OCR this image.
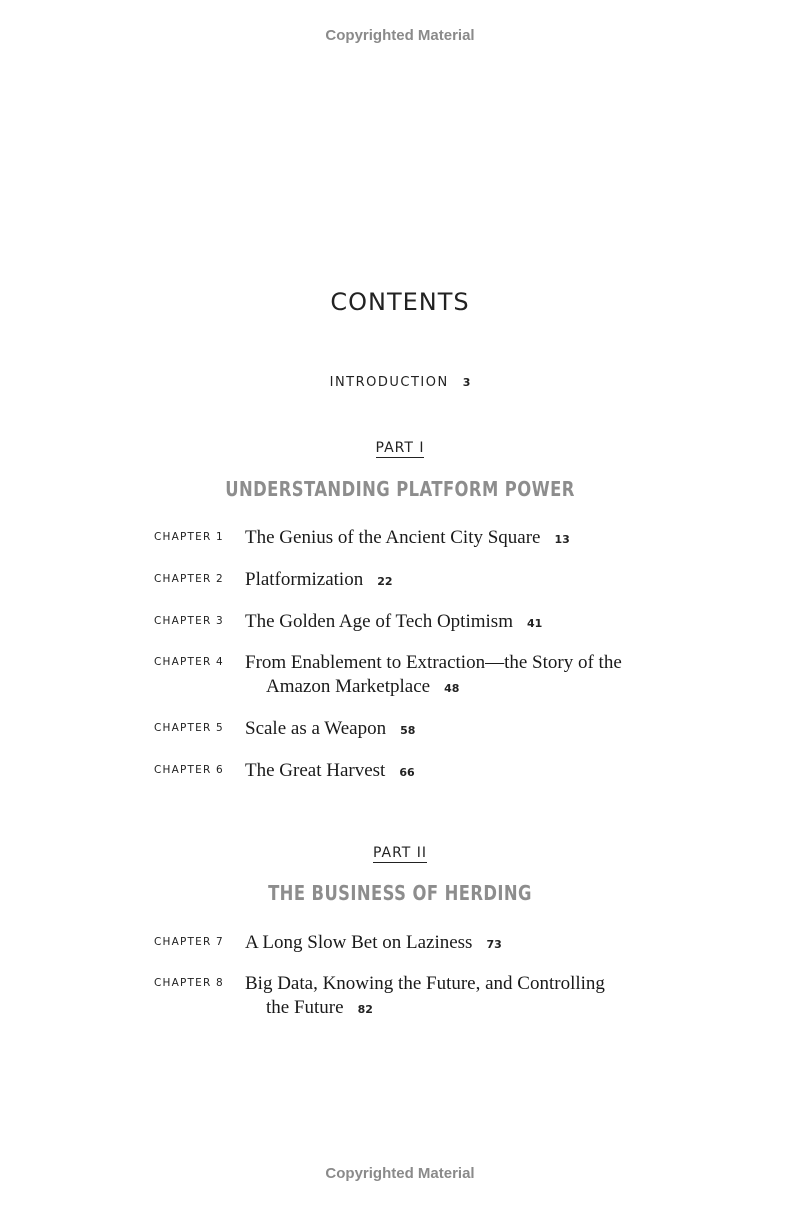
Copyrighted Material
CONTENTS
INTRODUCTION 3
PART I
UNDERSTANDING PLATFORM POWER
CHAPTER 1 The Genius of the Ancient City Square 13
CHAPTER 2 Platformization 22
CHAPTER 3 The Golden Age of Tech Optimism 41
CHAPTER 4 From Enablement to Extraction—the Story of the
Amazon Marketplace 48
CHAPTER 5 Scale as a Weapon 58
CHAPTER 6 The Great Harvest 66
PART II
THE BUSINESS OF HERDING
CHAPTER 7 A Long Slow Bet on Laziness 73
CHAPTER 8 Big Data, Knowing the Future, and Controlling
the Future 82
Copyrighted Material
